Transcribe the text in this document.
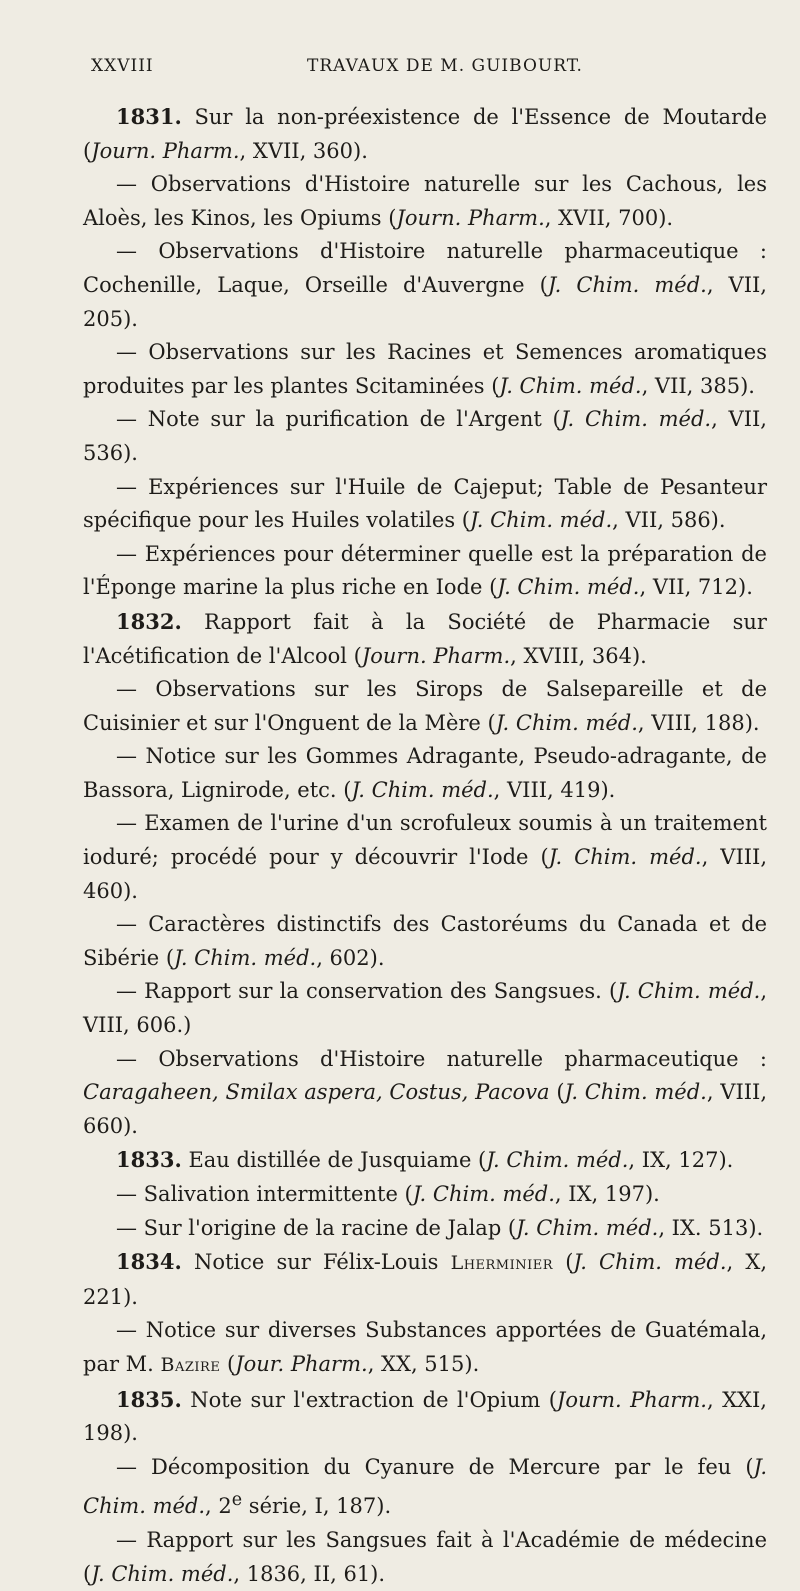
XXVIII	TRAVAUX DE M. GUIBOURT.

1831. Sur la non-préexistence de l'Essence de Moutarde (Journ. Pharm., XVII, 360).

— Observations d'Histoire naturelle sur les Cachous, les Aloès, les Kinos, les Opiums (Journ. Pharm., XVII, 700).

— Observations d'Histoire naturelle pharmaceutique : Cochenille, Laque, Orseille d'Auvergne (J. Chim. méd., VII, 205).

— Observations sur les Racines et Semences aromatiques produites par les plantes Scitaminées (J. Chim. méd., VII, 385).

— Note sur la purification de l'Argent (J. Chim. méd., VII, 536).

— Expériences sur l'Huile de Cajeput; Table de Pesanteur spécifique pour les Huiles volatiles (J. Chim. méd., VII, 586).

— Expériences pour déterminer quelle est la préparation de l'Éponge marine la plus riche en Iode (J. Chim. méd., VII, 712).

1832. Rapport fait à la Société de Pharmacie sur l'Acétification de l'Alcool (Journ. Pharm., XVIII, 364).

— Observations sur les Sirops de Salsepareille et de Cuisinier et sur l'Onguent de la Mère (J. Chim. méd., VIII, 188).

— Notice sur les Gommes Adragante, Pseudo-adragante, de Bassora, Lignirode, etc. (J. Chim. méd., VIII, 419).

— Examen de l'urine d'un scrofuleux soumis à un traitement ioduré; procédé pour y découvrir l'Iode (J. Chim. méd., VIII, 460).

— Caractères distinctifs des Castoréums du Canada et de Sibérie (J. Chim. méd., 602).

— Rapport sur la conservation des Sangsues. (J. Chim. méd., VIII, 606.)

— Observations d'Histoire naturelle pharmaceutique : Caragaheen, Smilax aspera, Costus, Pacova (J. Chim. méd., VIII, 660).

1833. Eau distillée de Jusquiame (J. Chim. méd., IX, 127).

— Salivation intermittente (J. Chim. méd., IX, 197).

— Sur l'origine de la racine de Jalap (J. Chim. méd., IX. 513).

1834. Notice sur Félix-Louis Lherminier (J. Chim. méd., X, 221).

— Notice sur diverses Substances apportées de Guatémala, par M. Bazire (Jour. Pharm., XX, 515).

1835. Note sur l'extraction de l'Opium (Journ. Pharm., XXI, 198).

— Décomposition du Cyanure de Mercure par le feu (J. Chim. méd., 2e série, I, 187).

— Rapport sur les Sangsues fait à l'Académie de médecine (J. Chim. méd., 1836, II, 61).
